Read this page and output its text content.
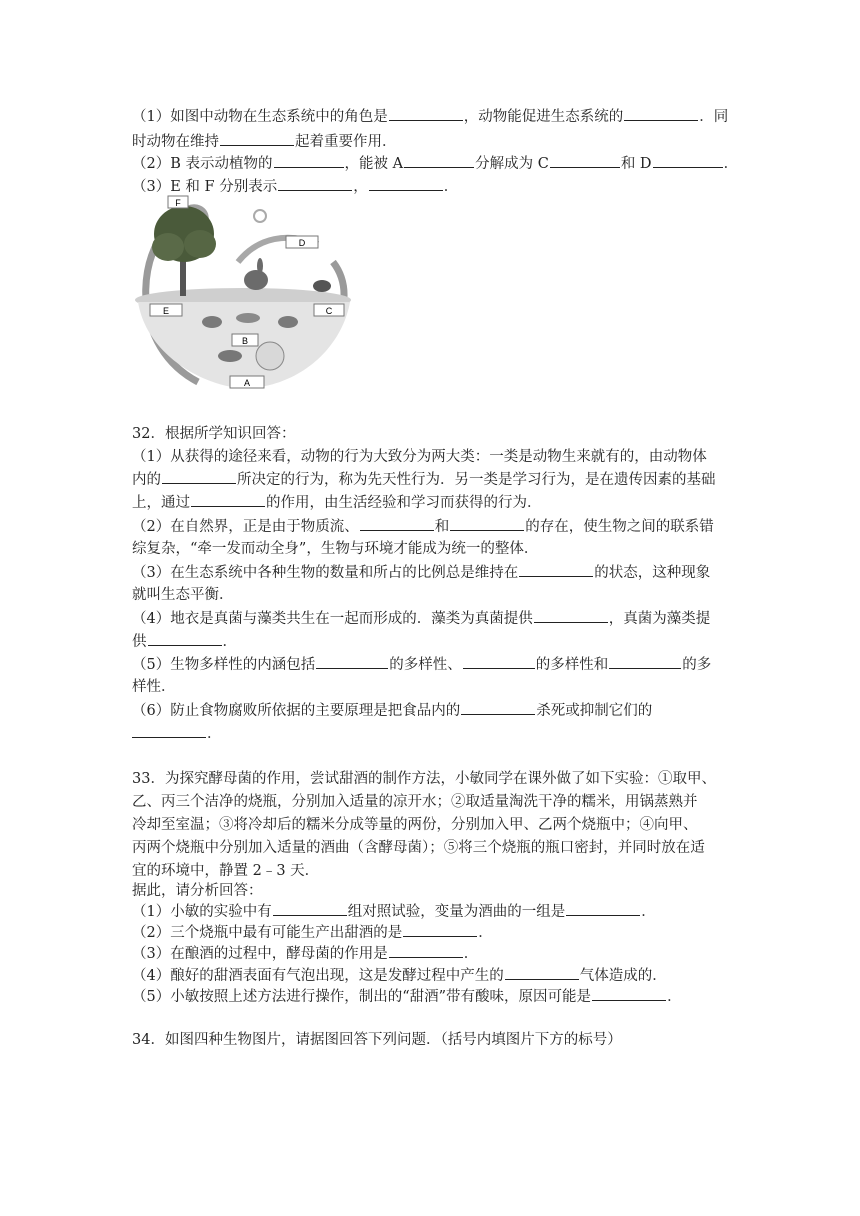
（1）如图中动物在生态系统中的角色是	，动物能促进生态系统的	．同
时动物在维持	起着重要作用．
（2）B 表示动植物的	，能被 A	分解成为 C	和 D	．
（3）E 和 F 分别表示	，	．
F
D
E
B
C
A
32．根据所学知识回答：
（1）从获得的途径来看，动物的行为大致分为两大类：一类是动物生来就有的，由动物体
内的	所决定的行为，称为先天性行为．另一类是学习行为，是在遗传因素的基础
上，通过	的作用，由生活经验和学习而获得的行为．
（2）在自然界，正是由于物质流、	和	的存在，使生物之间的联系错
综复杂，“牵一发而动全身”，生物与环境才能成为统一的整体．
（3）在生态系统中各种生物的数量和所占的比例总是维持在	的状态，这种现象
就叫生态平衡．
（4）地衣是真菌与藻类共生在一起而形成的．藻类为真菌提供	，真菌为藻类提
供	．
（5）生物多样性的内涵包括	的多样性、	的多样性和	的多
样性．
（6）防止食物腐败所依据的主要原理是把食品内的	杀死或抑制它们的
．
33．为探究酵母菌的作用，尝试甜酒的制作方法，小敏同学在课外做了如下实验：①取甲、
乙、丙三个洁净的烧瓶，分别加入适量的凉开水；②取适量淘洗干净的糯米，用锅蒸熟并
冷却至室温；③将冷却后的糯米分成等量的两份，分别加入甲、乙两个烧瓶中；④向甲、
丙两个烧瓶中分别加入适量的酒曲（含酵母菌）；⑤将三个烧瓶的瓶口密封，并同时放在适
宜的环境中，静置 2﹣3 天．
据此，请分析回答：
（1）小敏的实验中有	组对照试验，变量为酒曲的一组是	．
（2）三个烧瓶中最有可能生产出甜酒的是	．
（3）在酿酒的过程中，酵母菌的作用是	．
（4）酿好的甜酒表面有气泡出现，这是发酵过程中产生的	气体造成的．
（5）小敏按照上述方法进行操作，制出的“甜酒”带有酸味，原因可能是	．
34．如图四种生物图片，请据图回答下列问题．（括号内填图片下方的标号）
